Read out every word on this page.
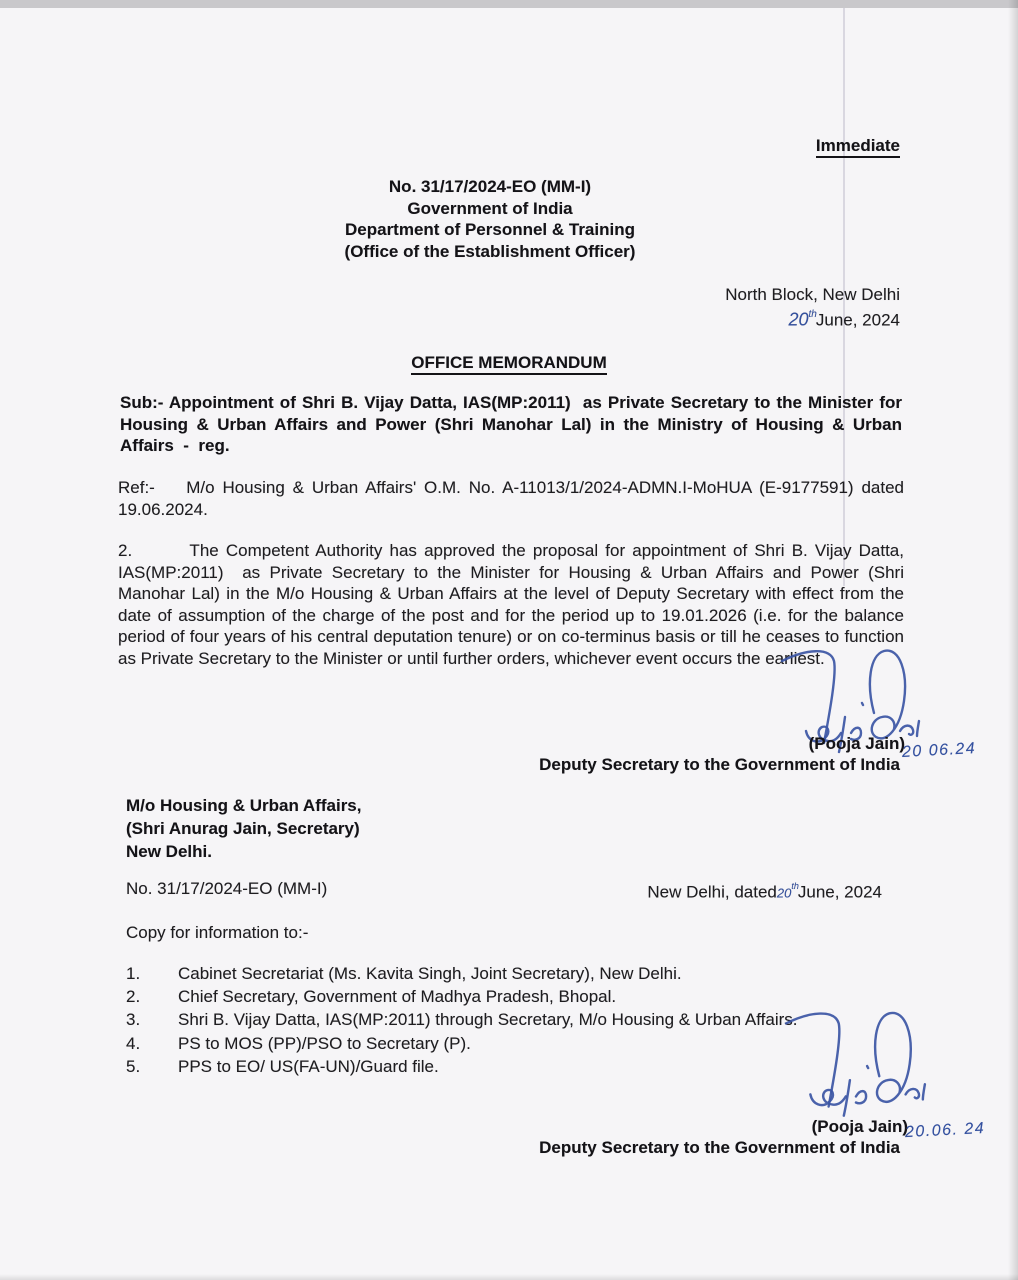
Immediate
No. 31/17/2024-EO (MM-I)
Government of India
Department of Personnel & Training
(Office of the Establishment Officer)
North Block, New Delhi
20thJune, 2024
OFFICE MEMORANDUM
Sub:- Appointment of Shri B. Vijay Datta, IAS(MP:2011)  as Private Secretary to the Minister for Housing & Urban Affairs and Power (Shri Manohar Lal) in the Ministry of Housing & Urban Affairs  -  reg.
Ref:-    M/o Housing & Urban Affairs' O.M. No. A-11013/1/2024-ADMN.I-MoHUA (E-9177591) dated 19.06.2024.
2.        The Competent Authority has approved the proposal for appointment of Shri B. Vijay Datta, IAS(MP:2011)  as Private Secretary to the Minister for Housing & Urban Affairs and Power (Shri Manohar Lal) in the M/o Housing & Urban Affairs at the level of Deputy Secretary with effect from the date of assumption of the charge of the post and for the period up to 19.01.2026 (i.e. for the balance period of four years of his central deputation tenure) or on co-terminus basis or till he ceases to function as Private Secretary to the Minister or until further orders, whichever event occurs the earliest.
(Pooja Jain)
20 06.24
Deputy Secretary to the Government of India
M/o Housing & Urban Affairs,
(Shri Anurag Jain, Secretary)
New Delhi.
No. 31/17/2024-EO (MM-I)	New Delhi, dated20thJune, 2024
Copy for information to:-
1.	Cabinet Secretariat (Ms. Kavita Singh, Joint Secretary), New Delhi.
2.	Chief Secretary, Government of Madhya Pradesh, Bhopal.
3.	Shri B. Vijay Datta, IAS(MP:2011) through Secretary, M/o Housing & Urban Affairs.
4.	PS to MOS (PP)/PSO to Secretary (P).
5.	PPS to EO/ US(FA-UN)/Guard file.
(Pooja Jain)
20.06. 24
Deputy Secretary to the Government of India
